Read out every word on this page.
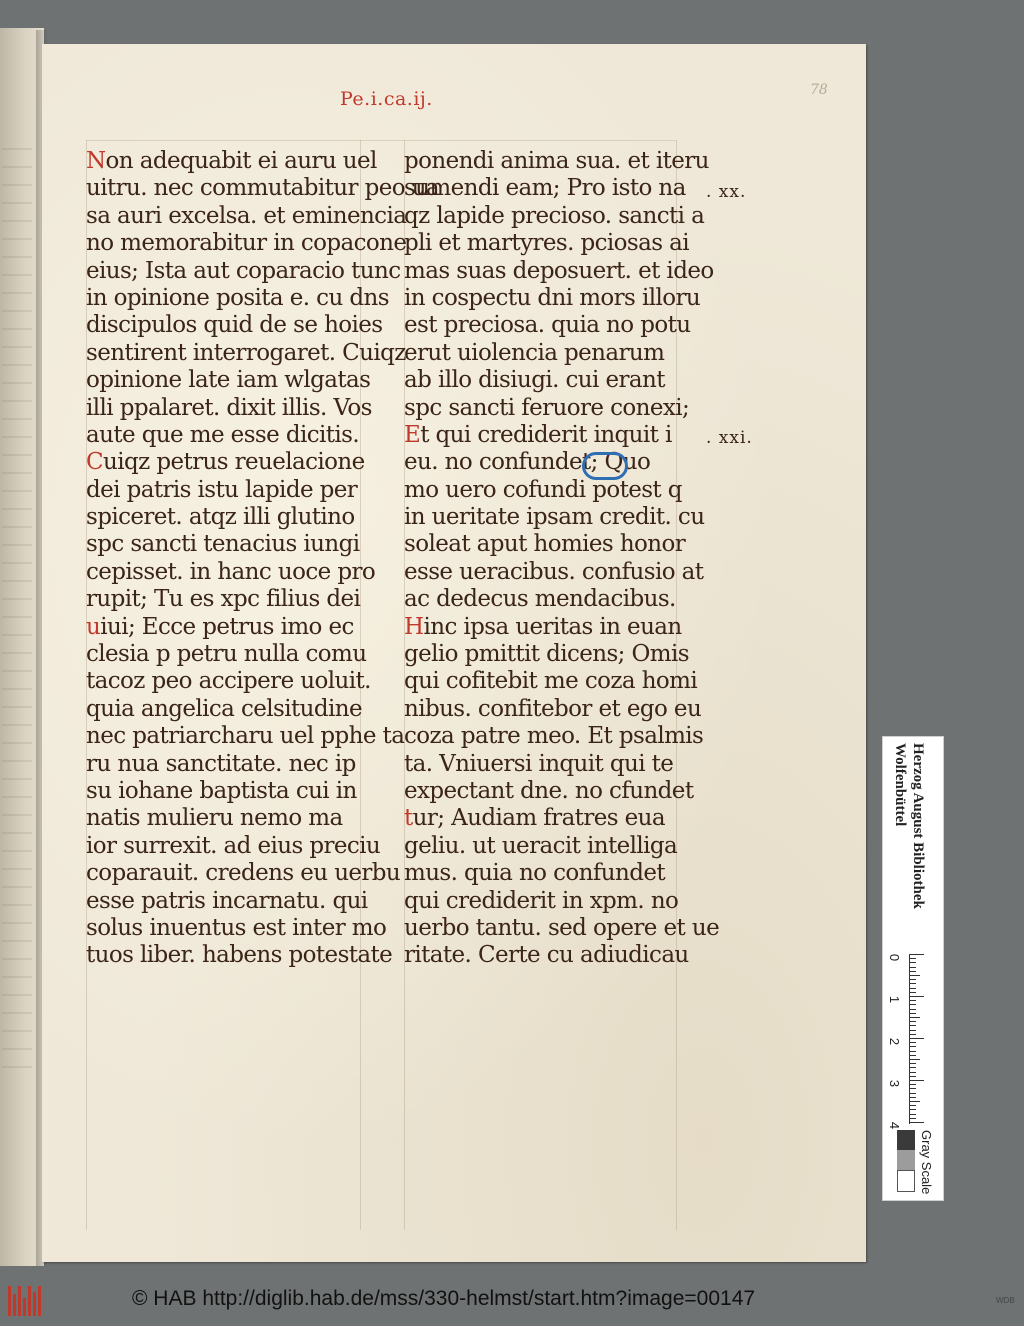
78
Pe.i.ca.ij.
Non adequabit ei auru uel
uitru. nec commutabitur peo ua
sa auri excelsa. et eminencia
no memorabitur in copacone
eius; Ista aut coparacio tunc
in opinione posita e. cu dns
discipulos quid de se hoies
sentirent interrogaret. Cuiqz
opinione late iam wlgatas
illi ppalaret. dixit illis. Vos
aute que me esse dicitis.
Cuiqz petrus reuelacione
dei patris istu lapide per
spiceret. atqz illi glutino
spc sancti tenacius iungi
cepisset. in hanc uoce pro
rupit; Tu es xpc filius dei
uiui; Ecce petrus imo ec
clesia p petru nulla comu
tacoz peo accipere uoluit.
quia angelica celsitudine
nec patriarcharu uel pphe ta
ru nua sanctitate. nec ip
su iohane baptista cui in
natis mulieru nemo ma
ior surrexit. ad eius preciu
coparauit. credens eu uerbu
esse patris incarnatu. qui
solus inuentus est inter mo
tuos liber. habens potestate
ponendi anima sua. et iteru
sumendi eam; Pro isto na
qz lapide precioso. sancti a
pli et martyres. pciosas ai
mas suas deposuert. et ideo
in cospectu dni mors illoru
est preciosa. quia no potu
erut uiolencia penarum
ab illo disiugi. cui erant
spc sancti feruore conexi;
Et qui crediderit inquit i
eu. no confundet; Quo
mo uero cofundi potest q
in ueritate ipsam credit. cu
soleat aput homies honor
esse ueracibus. confusio at
ac dedecus mendacibus.
Hinc ipsa ueritas in euan
gelio pmittit dicens; Omis
qui cofitebit me coza homi
nibus. confitebor et ego eu
coza patre meo. Et psalmis
ta. Vniuersi inquit qui te
expectant dne. no cfundet
tur; Audiam fratres eua
geliu. ut ueracit intelliga
mus. quia no confundet
qui crediderit in xpm. no
uerbo tantu. sed opere et ue
ritate. Certe cu adiudicau
. xx.
. xxi.
Herzog August Bibliothek
Wolfenbüttel
0
1
2
3
4
Gray Scale
© HAB http://diglib.hab.de/mss/330-helmst/start.htm?image=00147	WDB
